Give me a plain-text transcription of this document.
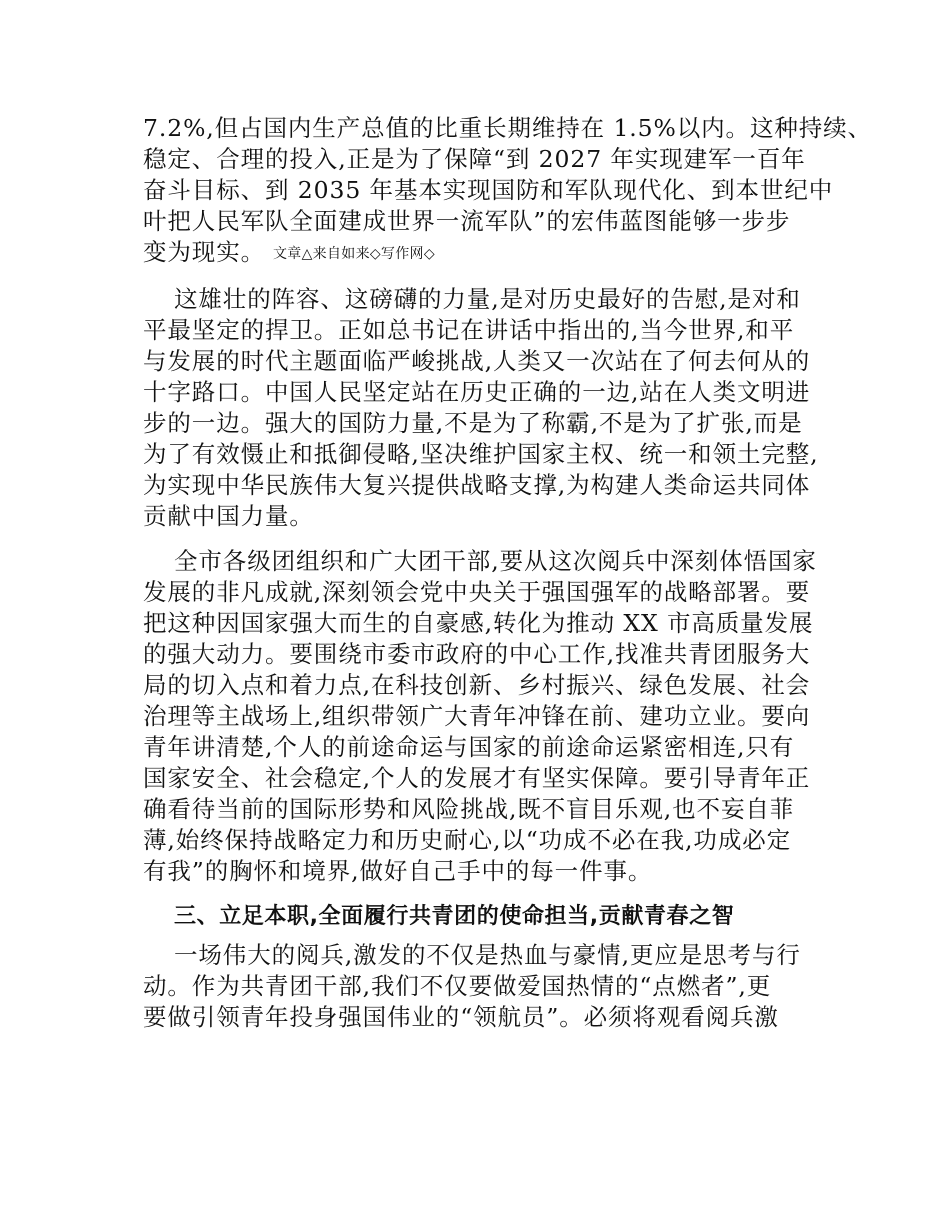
7.2%,但占国内生产总值的比重长期维持在 1.5%以内。这种持续、
稳定、合理的投入,正是为了保障“到 2027 年实现建军一百年
奋斗目标、到 2035 年基本实现国防和军队现代化、到本世纪中
叶把人民军队全面建成世界一流军队”的宏伟蓝图能够一步步
变为现实。 文章△来自如来◇写作网◇
这雄壮的阵容、这磅礴的力量,是对历史最好的告慰,是对和
平最坚定的捍卫。正如总书记在讲话中指出的,当今世界,和平
与发展的时代主题面临严峻挑战,人类又一次站在了何去何从的
十字路口。中国人民坚定站在历史正确的一边,站在人类文明进
步的一边。强大的国防力量,不是为了称霸,不是为了扩张,而是
为了有效慑止和抵御侵略,坚决维护国家主权、统一和领土完整,
为实现中华民族伟大复兴提供战略支撑,为构建人类命运共同体
贡献中国力量。
全市各级团组织和广大团干部,要从这次阅兵中深刻体悟国家
发展的非凡成就,深刻领会党中央关于强国强军的战略部署。要
把这种因国家强大而生的自豪感,转化为推动 XX 市高质量发展
的强大动力。要围绕市委市政府的中心工作,找准共青团服务大
局的切入点和着力点,在科技创新、乡村振兴、绿色发展、社会
治理等主战场上,组织带领广大青年冲锋在前、建功立业。要向
青年讲清楚,个人的前途命运与国家的前途命运紧密相连,只有
国家安全、社会稳定,个人的发展才有坚实保障。要引导青年正
确看待当前的国际形势和风险挑战,既不盲目乐观,也不妄自菲
薄,始终保持战略定力和历史耐心,以“功成不必在我,功成必定
有我”的胸怀和境界,做好自己手中的每一件事。
三、立足本职,全面履行共青团的使命担当,贡献青春之智
一场伟大的阅兵,激发的不仅是热血与豪情,更应是思考与行
动。作为共青团干部,我们不仅要做爱国热情的“点燃者”,更
要做引领青年投身强国伟业的“领航员”。必须将观看阅兵激
